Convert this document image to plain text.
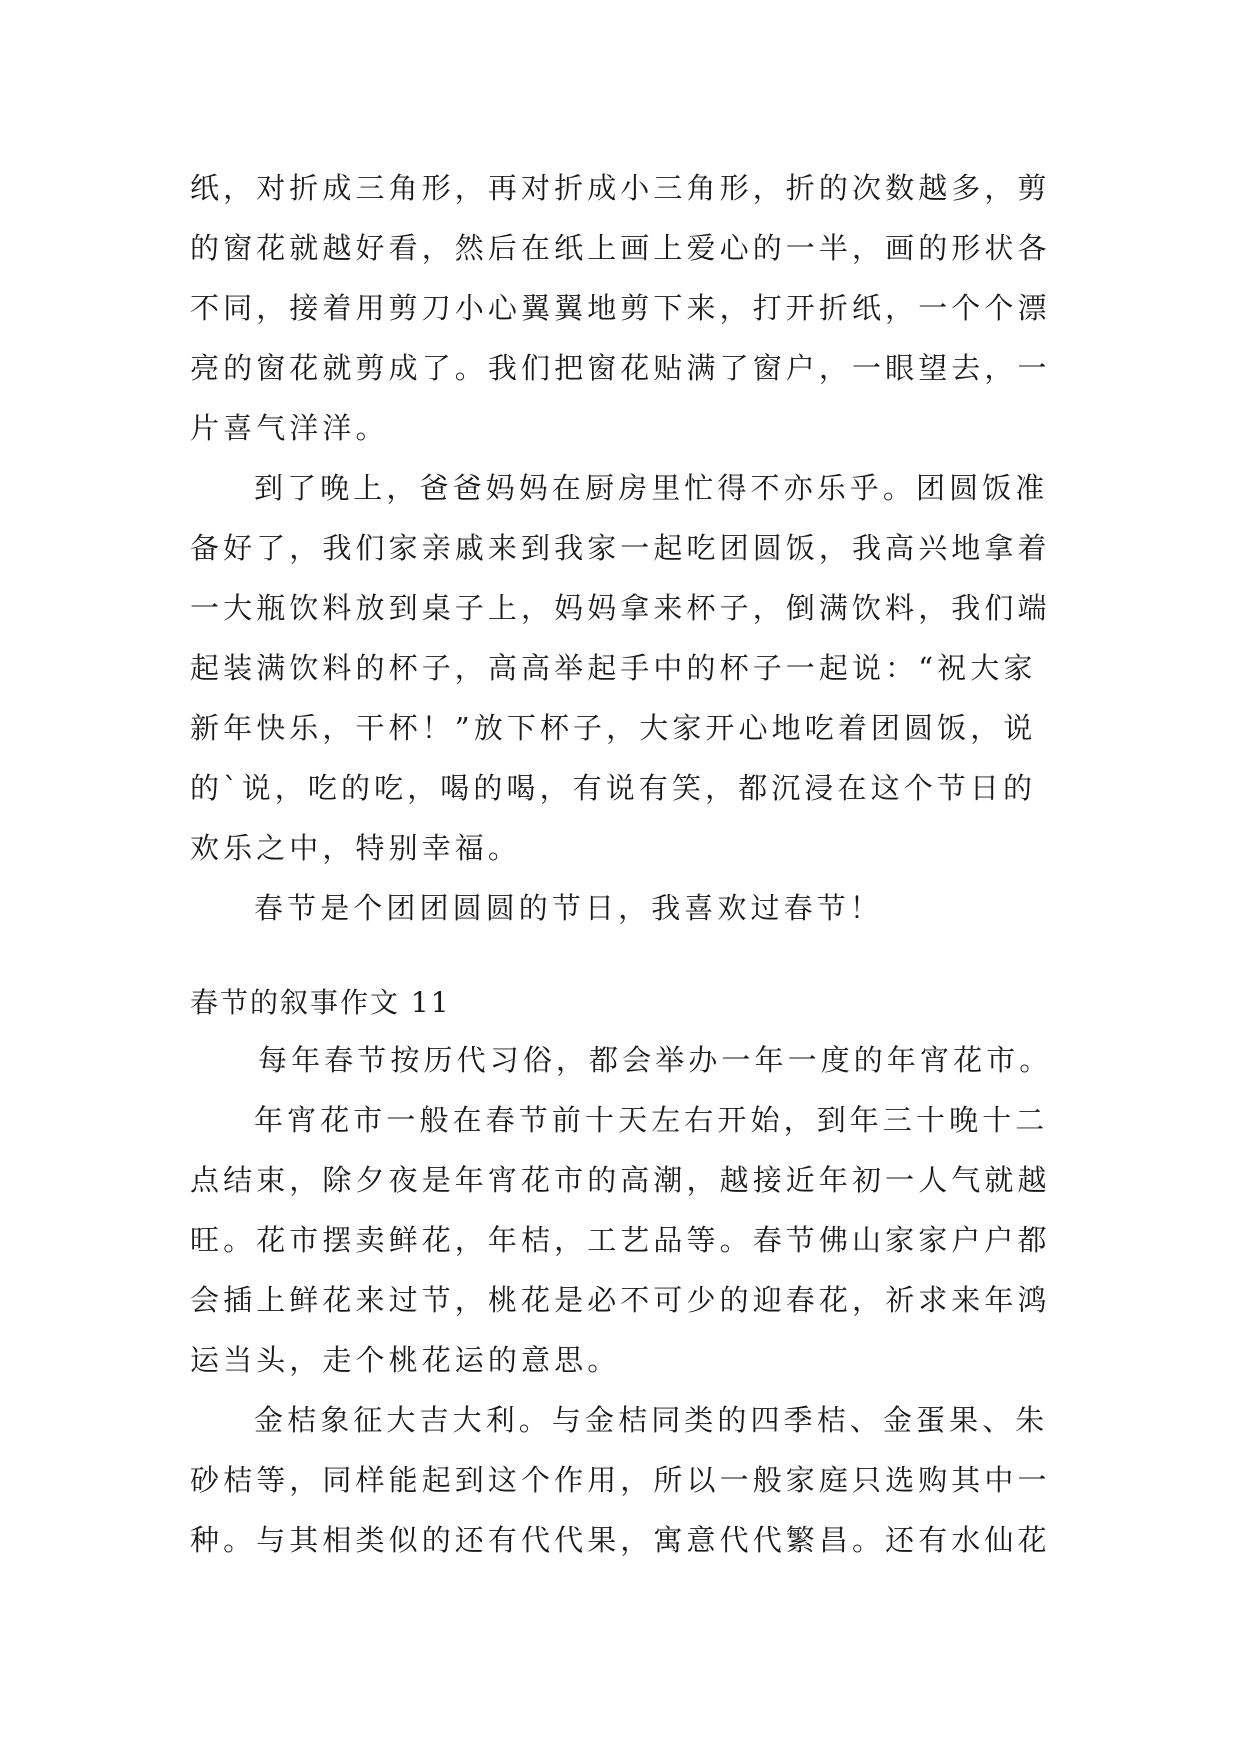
纸，对折成三角形，再对折成小三角形，折的次数越多，剪
的窗花就越好看，然后在纸上画上爱心的一半，画的形状各
不同，接着用剪刀小心翼翼地剪下来，打开折纸，一个个漂
亮的窗花就剪成了。我们把窗花贴满了窗户，一眼望去，一
片喜气洋洋。
到了晚上，爸爸妈妈在厨房里忙得不亦乐乎。团圆饭准
备好了，我们家亲戚来到我家一起吃团圆饭，我高兴地拿着
一大瓶饮料放到桌子上，妈妈拿来杯子，倒满饮料，我们端
起装满饮料的杯子，高高举起手中的杯子一起说：“祝大家
新年快乐，干杯！”放下杯子，大家开心地吃着团圆饭，说
的`说，吃的吃，喝的喝，有说有笑，都沉浸在这个节日的
欢乐之中，特别幸福。
春节是个团团圆圆的节日，我喜欢过春节！
春节的叙事作文 11
每年春节按历代习俗，都会举办一年一度的年宵花市。
年宵花市一般在春节前十天左右开始，到年三十晚十二
点结束，除夕夜是年宵花市的高潮，越接近年初一人气就越
旺。花市摆卖鲜花，年桔，工艺品等。春节佛山家家户户都
会插上鲜花来过节，桃花是必不可少的迎春花，祈求来年鸿
运当头，走个桃花运的意思。
金桔象征大吉大利。与金桔同类的四季桔、金蛋果、朱
砂桔等，同样能起到这个作用，所以一般家庭只选购其中一
种。与其相类似的还有代代果，寓意代代繁昌。还有水仙花
